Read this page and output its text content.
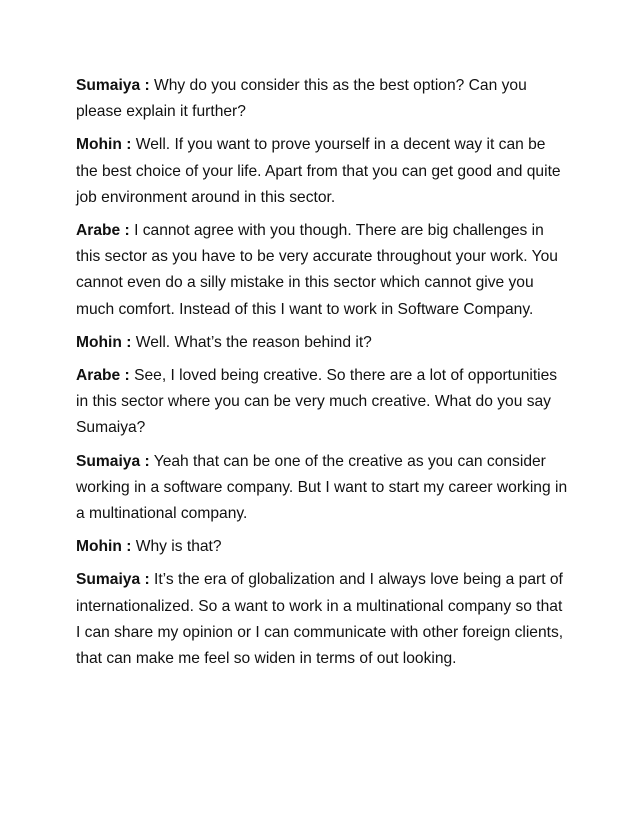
Sumaiya : Why do you consider this as the best option? Can you please explain it further?

Mohin : Well. If you want to prove yourself in a decent way it can be the best choice of your life. Apart from that you can get good and quite job environment around in this sector.

Arabe : I cannot agree with you though. There are big challenges in this sector as you have to be very accurate throughout your work. You cannot even do a silly mistake in this sector which cannot give you much comfort. Instead of this I want to work in Software Company.

Mohin : Well. What’s the reason behind it?

Arabe : See, I loved being creative. So there are a lot of opportunities in this sector where you can be very much creative. What do you say Sumaiya?

Sumaiya : Yeah that can be one of the creative as you can consider working in a software company. But I want to start my career working in a multinational company.

Mohin : Why is that?

Sumaiya : It’s the era of globalization and I always love being a part of internationalized. So a want to work in a multinational company so that I can share my opinion or I can communicate with other foreign clients, that can make me feel so widen in terms of out looking.
